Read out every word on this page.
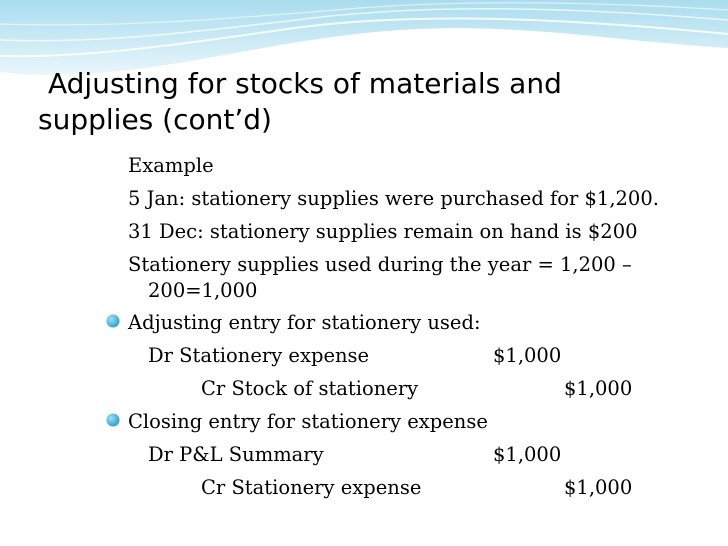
Adjusting for stocks of materials and
supplies (cont’d)
Example
5 Jan: stationery supplies were purchased for $1,200.
31 Dec: stationery supplies remain on hand is $200
Stationery supplies used during the year = 1,200 –
200=1,000
Adjusting entry for stationery used:
Dr Stationery expense	$1,000
Cr Stock of stationery	$1,000
Closing entry for stationery expense
Dr P&L Summary	$1,000
Cr Stationery expense	$1,000
